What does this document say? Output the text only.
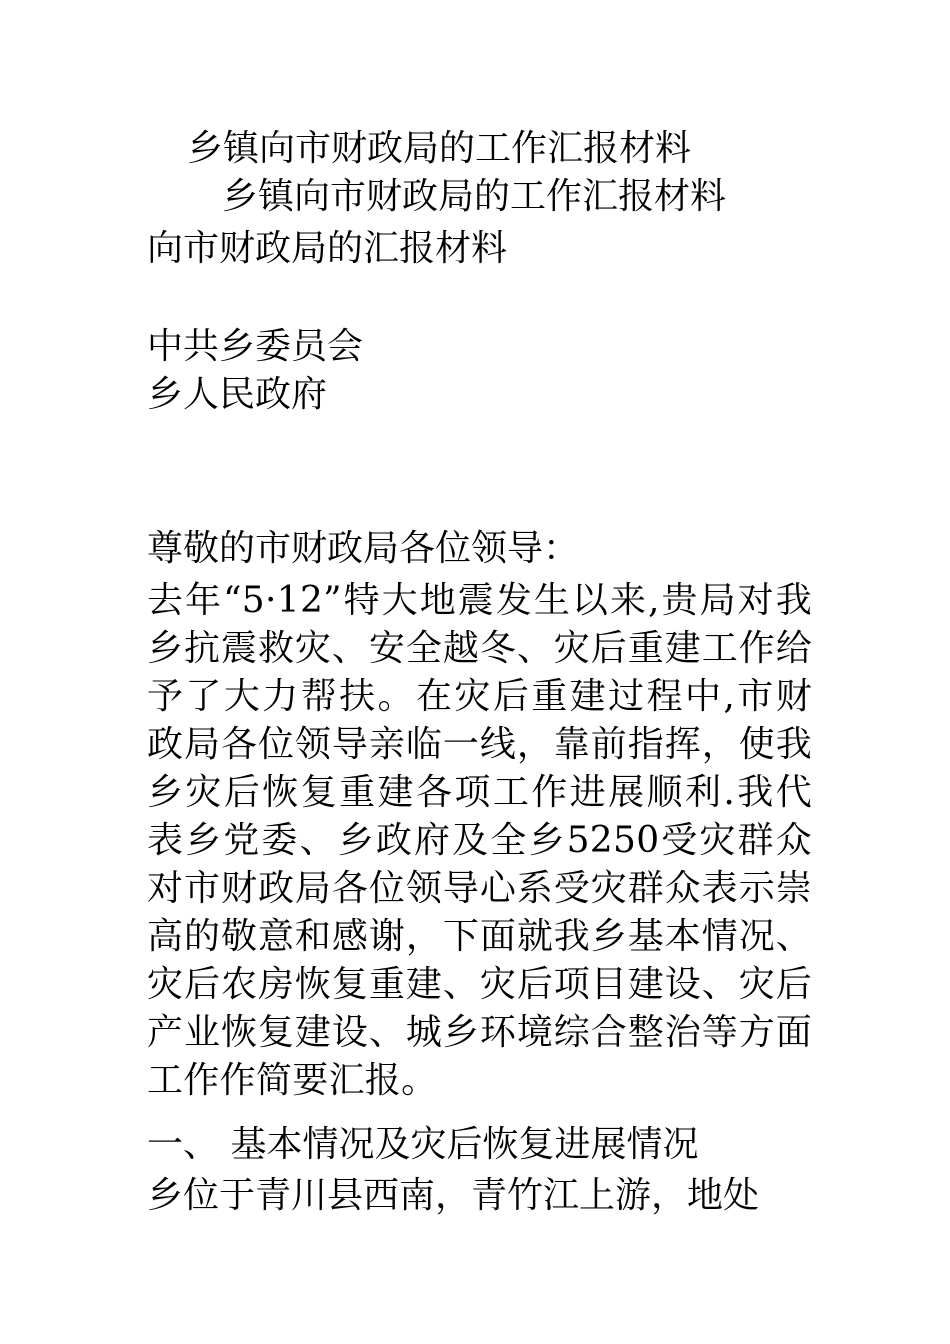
乡镇向市财政局的工作汇报材料
乡镇向市财政局的工作汇报材料

向市财政局的汇报材料

中共乡委员会

乡人民政府

尊敬的市财政局各位领导：

去年“5·12”特大地震发生以来,贵局对我乡抗震救灾、安全越冬、灾后重建工作给予了大力帮扶。在灾后重建过程中,市财政局各位领导亲临一线，靠前指挥，使我乡灾后恢复重建各项工作进展顺利.我代表乡党委、乡政府及全乡5250受灾群众对市财政局各位领导心系受灾群众表示崇高的敬意和感谢，下面就我乡基本情况、灾后农房恢复重建、灾后项目建设、灾后产业恢复建设、城乡环境综合整治等方面工作作简要汇报。

一、 基本情况及灾后恢复进展情况

乡位于青川县西南，青竹江上游，地处
